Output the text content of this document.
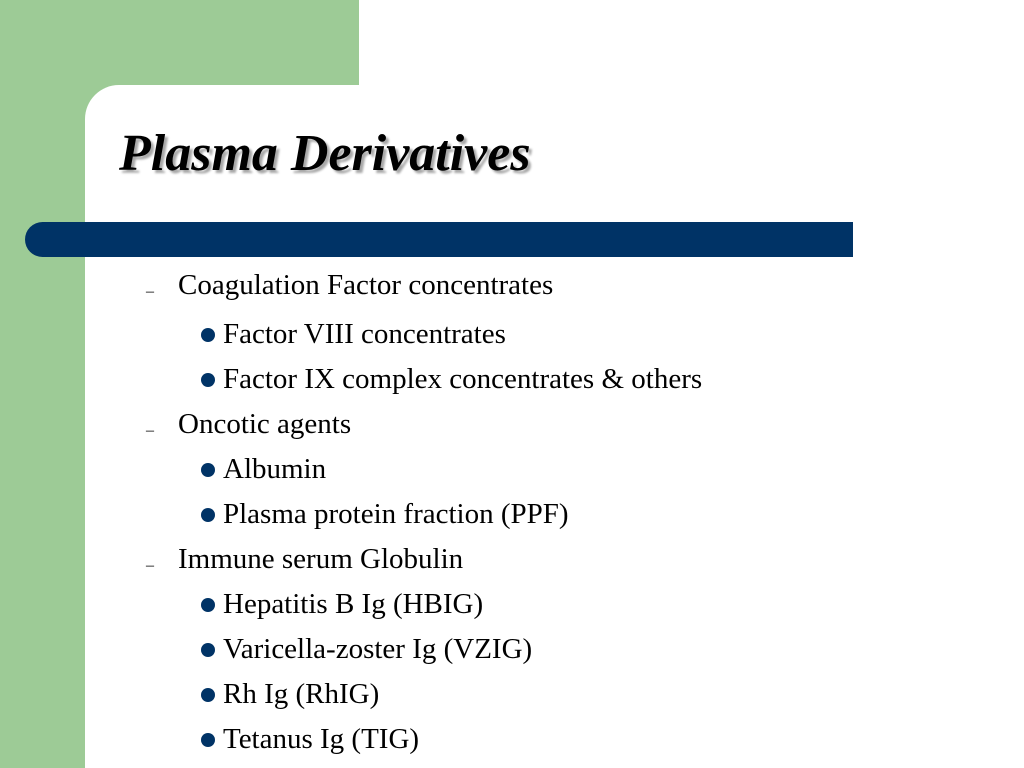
Plasma Derivatives
– Coagulation Factor concentrates
Factor VIII concentrates
Factor IX complex concentrates & others
– Oncotic agents
Albumin
Plasma protein fraction (PPF)
– Immune serum Globulin
Hepatitis B Ig (HBIG)
Varicella-zoster Ig (VZIG)
Rh Ig (RhIG)
Tetanus Ig (TIG)
